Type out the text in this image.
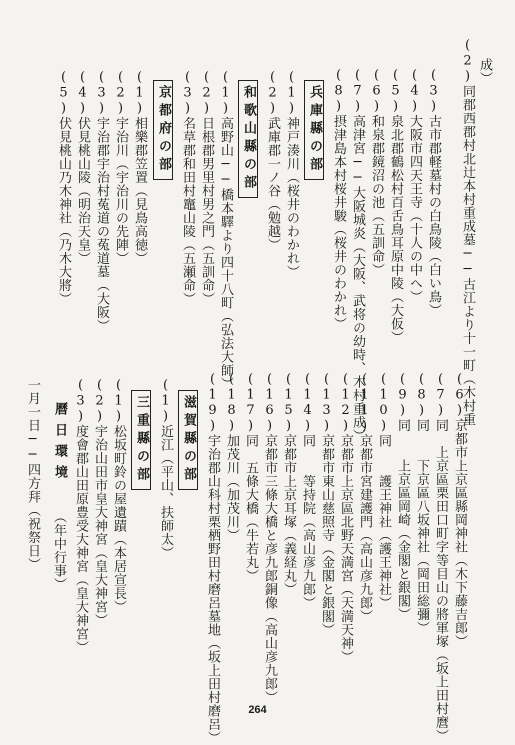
(2)同郡西郡村北辻本村重成墓──古江より十一町（木村重 成）
(3)古市郡軽墓村の白鳥陵（白い鳥）
(4)大阪市四天王寺（十人の中へ）
(5)泉北郡鶴松村百舌鳥耳原中陵（大仮）
(6)和泉郡鏡沼の池（五訓命）
(7)高津宮──大阪城炎（大阪、武将の幼時、木村重成）
(8)摂津島本村桜井駿（桜井のわかれ）
兵庫縣の部
(1)神戸湊川（桜井のわかれ）
(2)武庫郡一ノ谷（勉越）
和歌山縣の部
(1)高野山──橋本驛より四十八町（弘法大師）
(2)日根郡男里村男之門（五訓命）
(3)名草郡和田村竈山陵（五瀬命）
京都府の部
(1)相樂郡笠置（見鳥高徳）
(2)宇治川（宇治川の先陣）
(3)宇治郡宇治村菟道の菟道墓（大阪）
(4)伏見桃山陵（明治天皇）
(5)伏見桃山乃木神社（乃木大將）
(6)京都市上京區縣岡神社（木下藤吉郎）
(7)同　上京區栗田口町字等目山の將軍塚（坂上田村麿）
(8)同　　下京區八坂神社（岡田総彌）
(9)同　　上京區岡崎（金閣と銀閣）
(10)同　　護王神社（護王神社）
(11)京都市宮建護門（高山彦九郎）
(12)京都市上京區北野天満宮（天満天神）
(13)京都市東山慈照寺（金閣と銀閣）
(14)同　　等持院（高山彦九郎）
(15)京都市上京耳塚（義経丸）
(16)京都市三條大橋と彦九郎銅像（高山彦九郎）
(17)同　五條大橋（牛若丸）
(18)加茂川（加茂川）
(19)宇治郡山科村栗栖野田村磨呂墓地（坂上田村磨呂）
滋賀縣の部
(1)近江（平山、扶師太）
三重縣の部
(1)松坂町鈴の屋遺蹟（本居宣長）
(2)宇治山田市皇大神宮（皇大神宮）
(3)度會郡山田原豊受大神宮（皇大神宮）
曆日環境
（年中行事）
一月一日──四方拜（祝祭日）
264
